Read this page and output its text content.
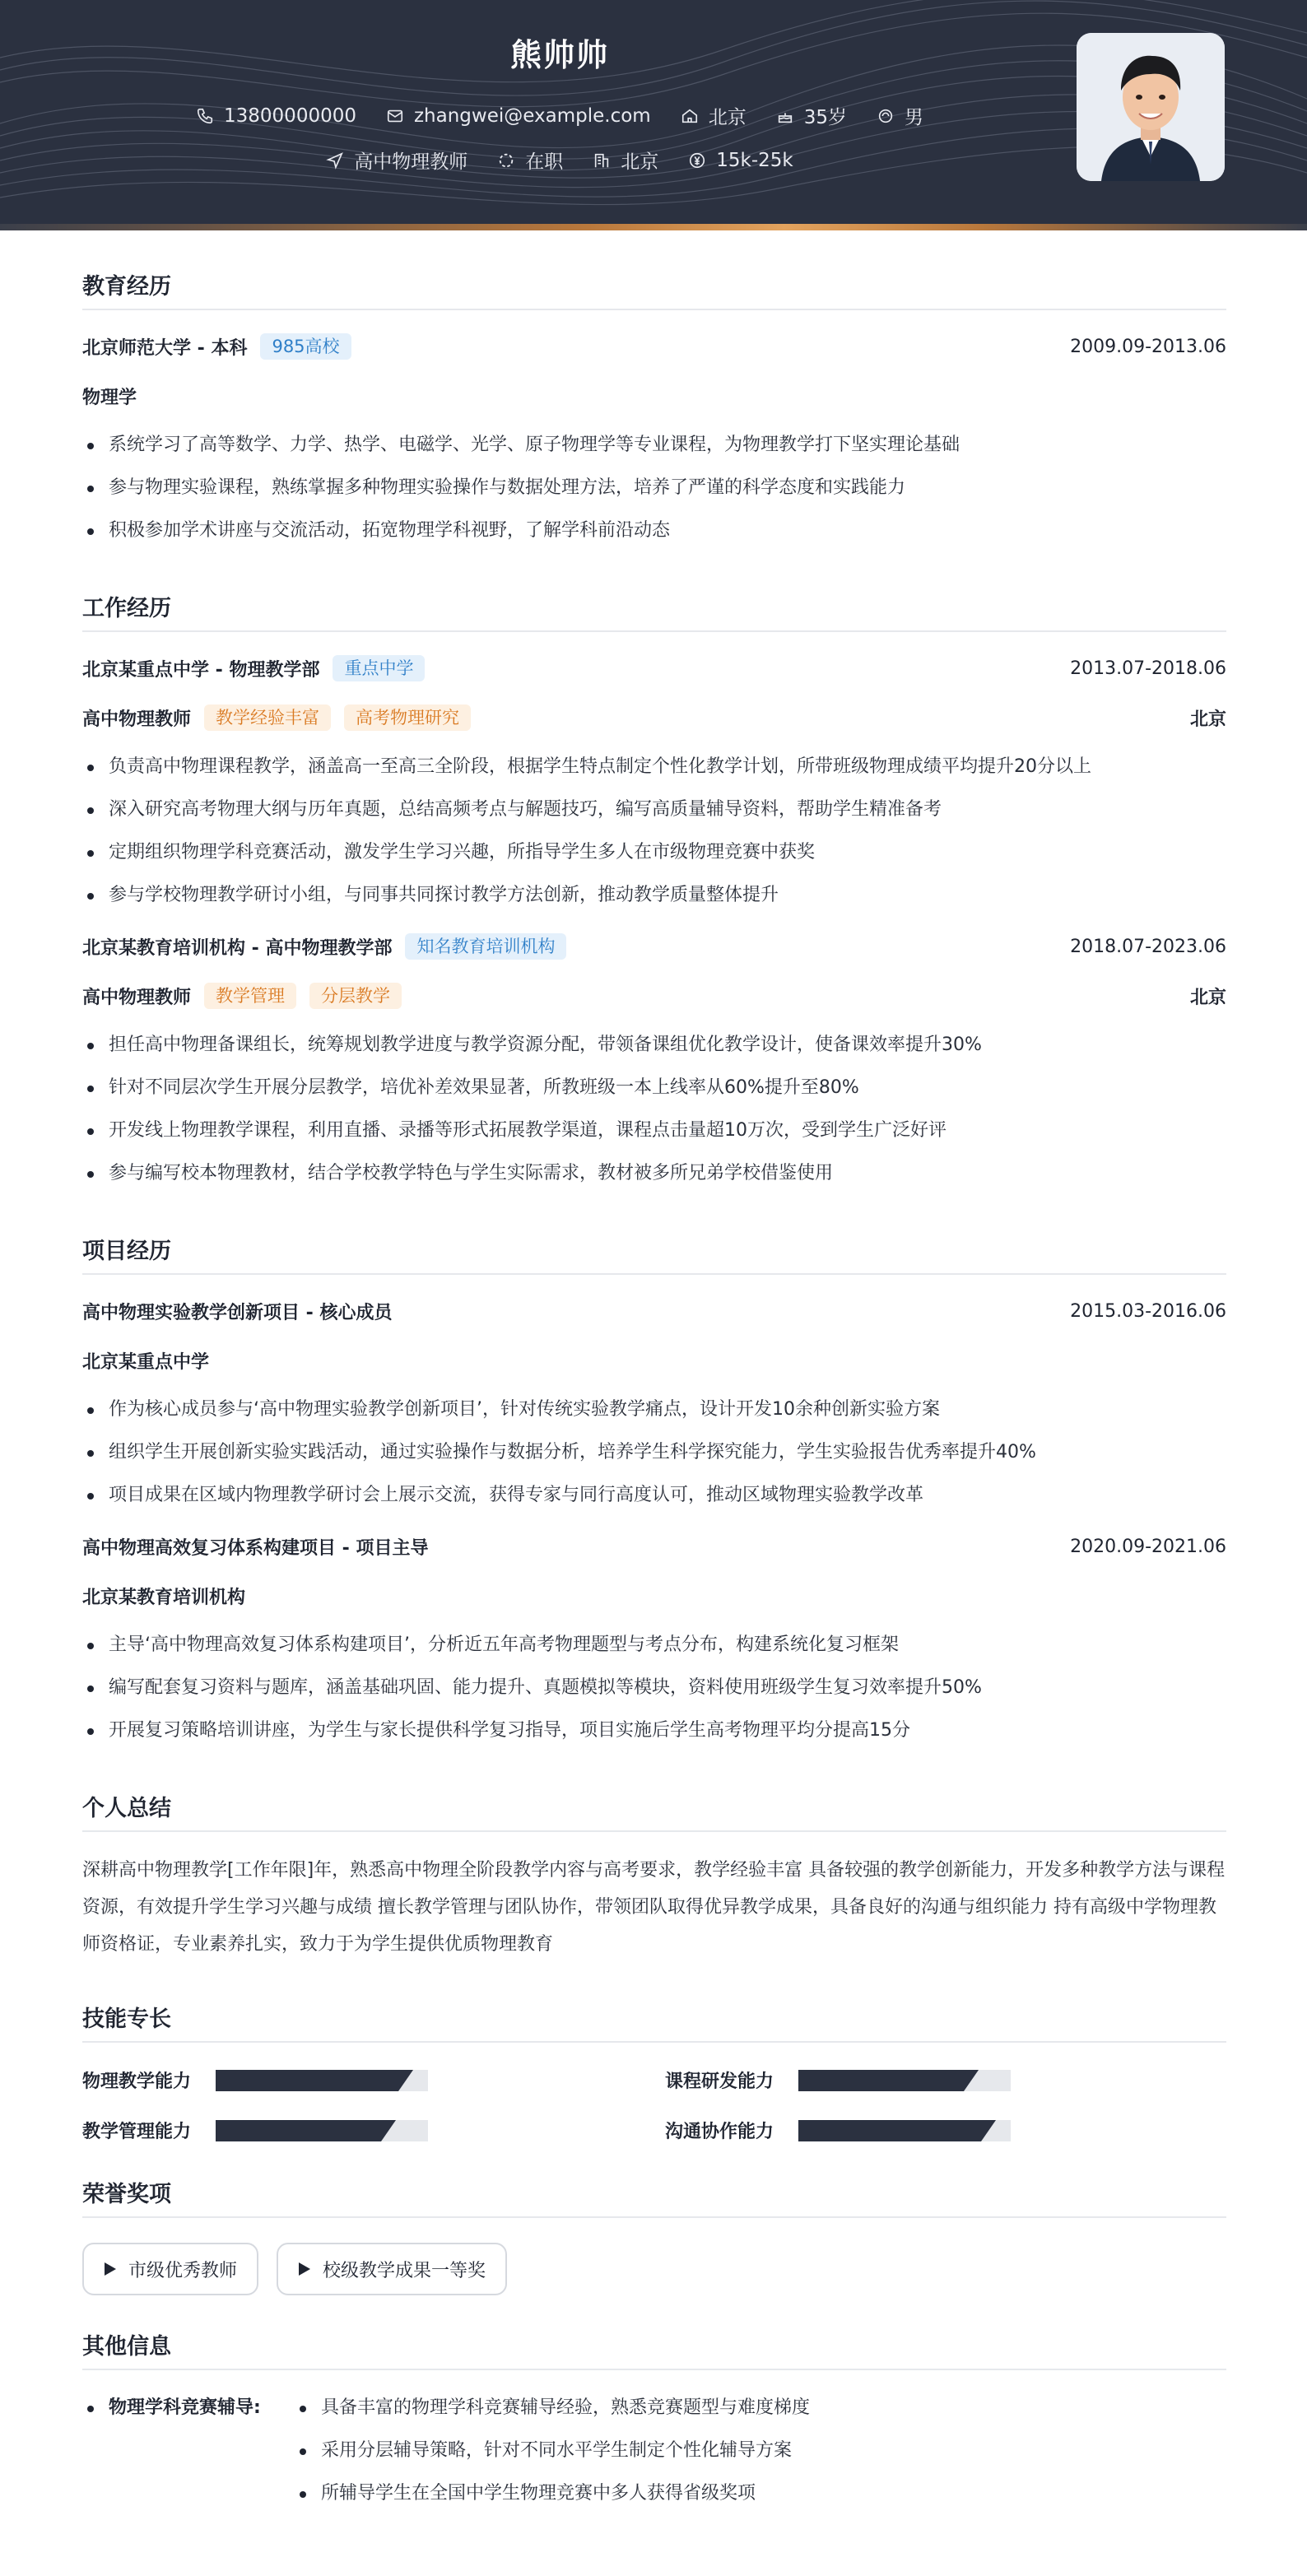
熊帅帅
13800000000	zhangwei@example.com	北京	35岁	男
高中物理教师	在职	北京	15k-25k
教育经历
北京师范大学 - 本科	985高校	2009.09-2013.06
物理学
系统学习了高等数学、力学、热学、电磁学、光学、原子物理学等专业课程，为物理教学打下坚实理论基础
参与物理实验课程，熟练掌握多种物理实验操作与数据处理方法，培养了严谨的科学态度和实践能力
积极参加学术讲座与交流活动，拓宽物理学科视野，了解学科前沿动态
工作经历
北京某重点中学 - 物理教学部	重点中学	2013.07-2018.06
高中物理教师	教学经验丰富	高考物理研究	北京
负责高中物理课程教学，涵盖高一至高三全阶段，根据学生特点制定个性化教学计划，所带班级物理成绩平均提升20分以上
深入研究高考物理大纲与历年真题，总结高频考点与解题技巧，编写高质量辅导资料，帮助学生精准备考
定期组织物理学科竞赛活动，激发学生学习兴趣，所指导学生多人在市级物理竞赛中获奖
参与学校物理教学研讨小组，与同事共同探讨教学方法创新，推动教学质量整体提升
北京某教育培训机构 - 高中物理教学部	知名教育培训机构	2018.07-2023.06
高中物理教师	教学管理	分层教学	北京
担任高中物理备课组长，统筹规划教学进度与教学资源分配，带领备课组优化教学设计，使备课效率提升30%
针对不同层次学生开展分层教学，培优补差效果显著，所教班级一本上线率从60%提升至80%
开发线上物理教学课程，利用直播、录播等形式拓展教学渠道，课程点击量超10万次，受到学生广泛好评
参与编写校本物理教材，结合学校教学特色与学生实际需求，教材被多所兄弟学校借鉴使用
项目经历
高中物理实验教学创新项目 - 核心成员	2015.03-2016.06
北京某重点中学
作为核心成员参与‘高中物理实验教学创新项目’，针对传统实验教学痛点，设计开发10余种创新实验方案
组织学生开展创新实验实践活动，通过实验操作与数据分析，培养学生科学探究能力，学生实验报告优秀率提升40%
项目成果在区域内物理教学研讨会上展示交流，获得专家与同行高度认可，推动区域物理实验教学改革
高中物理高效复习体系构建项目 - 项目主导	2020.09-2021.06
北京某教育培训机构
主导‘高中物理高效复习体系构建项目’，分析近五年高考物理题型与考点分布，构建系统化复习框架
编写配套复习资料与题库，涵盖基础巩固、能力提升、真题模拟等模块，资料使用班级学生复习效率提升50%
开展复习策略培训讲座，为学生与家长提供科学复习指导，项目实施后学生高考物理平均分提高15分
个人总结
深耕高中物理教学[工作年限]年，熟悉高中物理全阶段教学内容与高考要求，教学经验丰富 具备较强的教学创新能力，开发多种教学方法与课程资源，有效提升学生学习兴趣与成绩 擅长教学管理与团队协作，带领团队取得优异教学成果，具备良好的沟通与组织能力 持有高级中学物理教师资格证，专业素养扎实，致力于为学生提供优质物理教育
技能专长
物理教学能力	课程研发能力
教学管理能力	沟通协作能力
荣誉奖项
市级优秀教师	校级教学成果一等奖
其他信息
物理学科竞赛辅导:	具备丰富的物理学科竞赛辅导经验，熟悉竞赛题型与难度梯度
采用分层辅导策略，针对不同水平学生制定个性化辅导方案
所辅导学生在全国中学生物理竞赛中多人获得省级奖项
